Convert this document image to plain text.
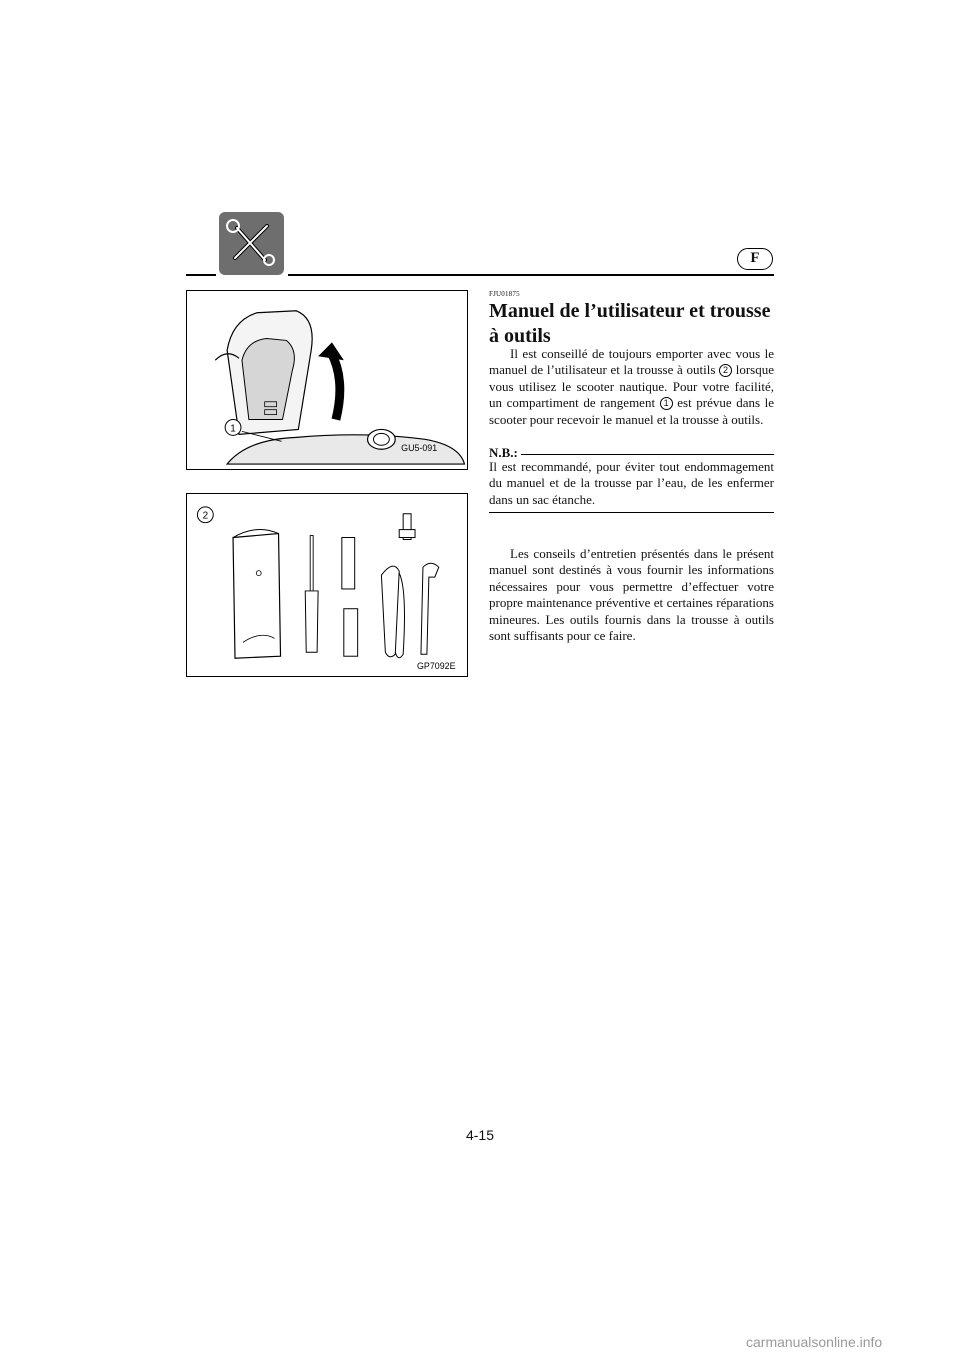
F
1
GU5-091
2
GP7092E
FJU01875
Manuel de l’utilisateur et trousse à outils

Il est conseillé de toujours emporter avec vous le manuel de l’utilisateur et la trousse à outils 2 lorsque vous utilisez le scooter nautique. Pour votre facilité, un compartiment de rangement 1 est prévue dans le scooter pour recevoir le manuel et la trousse à outils.

N.B.:

Il est recommandé, pour éviter tout endommagement du manuel et de la trousse par l’eau, de les enfermer dans un sac étanche.

Les conseils d’entretien présentés dans le présent manuel sont destinés à vous fournir les informations nécessaires pour vous permettre d’effectuer votre propre maintenance préventive et certaines réparations mineures. Les outils fournis dans la trousse à outils sont suffisants pour ce faire.

4-15
carmanualsonline.info
